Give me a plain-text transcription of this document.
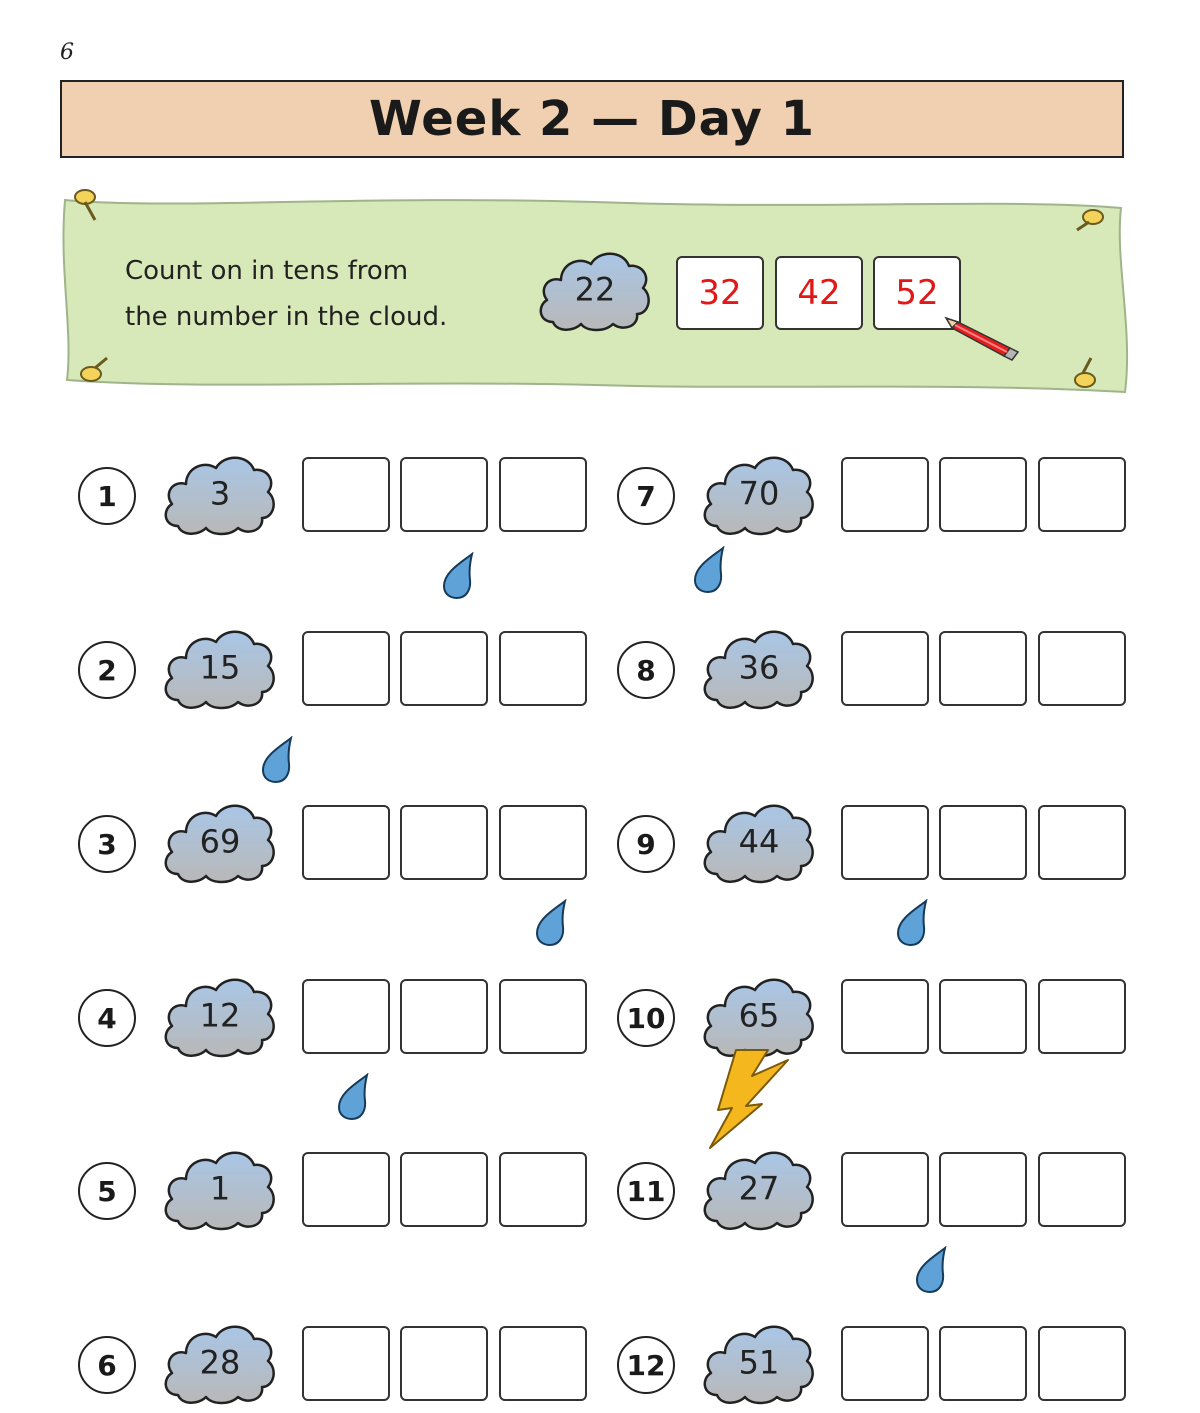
6
Week 2 — Day 1
Count on in tens from
the number in the cloud.
22	32	42	52
1	3
2	15
3	69
4	12
5	1
6	28
7	70
8	36
9	44
10	65
11	27
12	51
